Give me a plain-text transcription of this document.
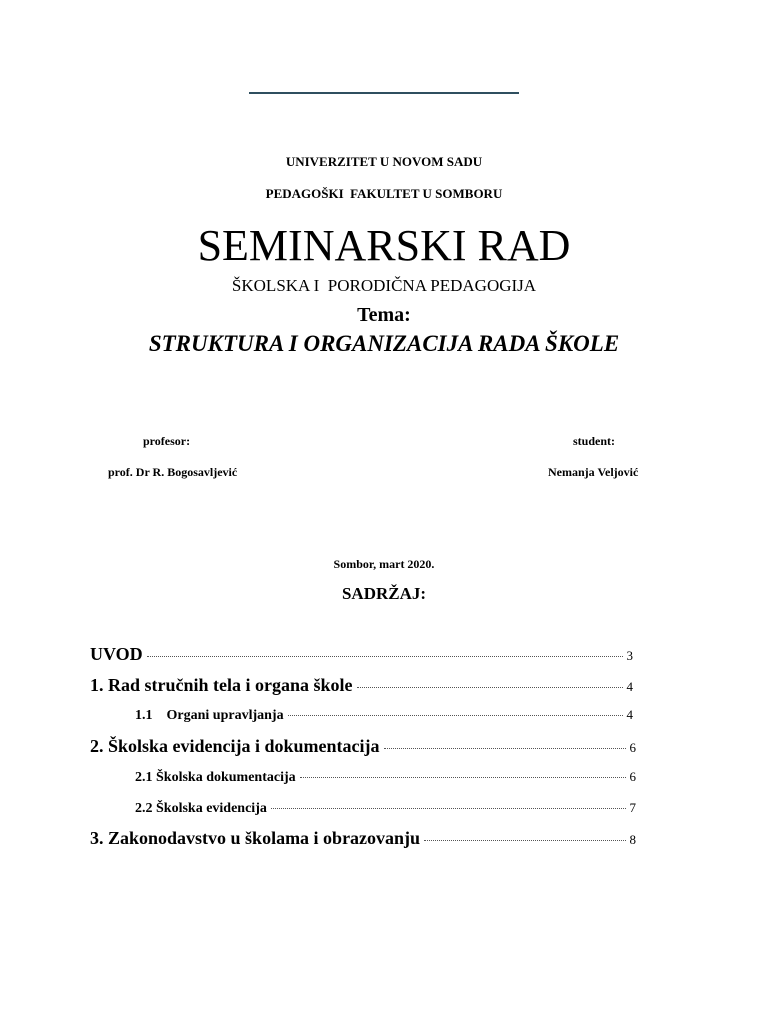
UNIVERZITET U NOVOM SADU
PEDAGOŠKI  FAKULTET U SOMBORU
SEMINARSKI RAD
ŠKOLSKA I  PORODIČNA PEDAGOGIJA
Tema:
STRUKTURA I ORGANIZACIJA RADA ŠKOLE
profesor:
prof. Dr R. Bogosavljević
student:
Nemanja Veljović
Sombor, mart 2020.
SADRŽAJ:
UVOD	3
1. Rad stručnih tela i organa škole	4
1.1    Organi upravljanja	4
2. Školska evidencija i dokumentacija	6
2.1 Školska dokumentacija	6
2.2 Školska evidencija	7
3. Zakonodavstvo u školama i obrazovanju	8
